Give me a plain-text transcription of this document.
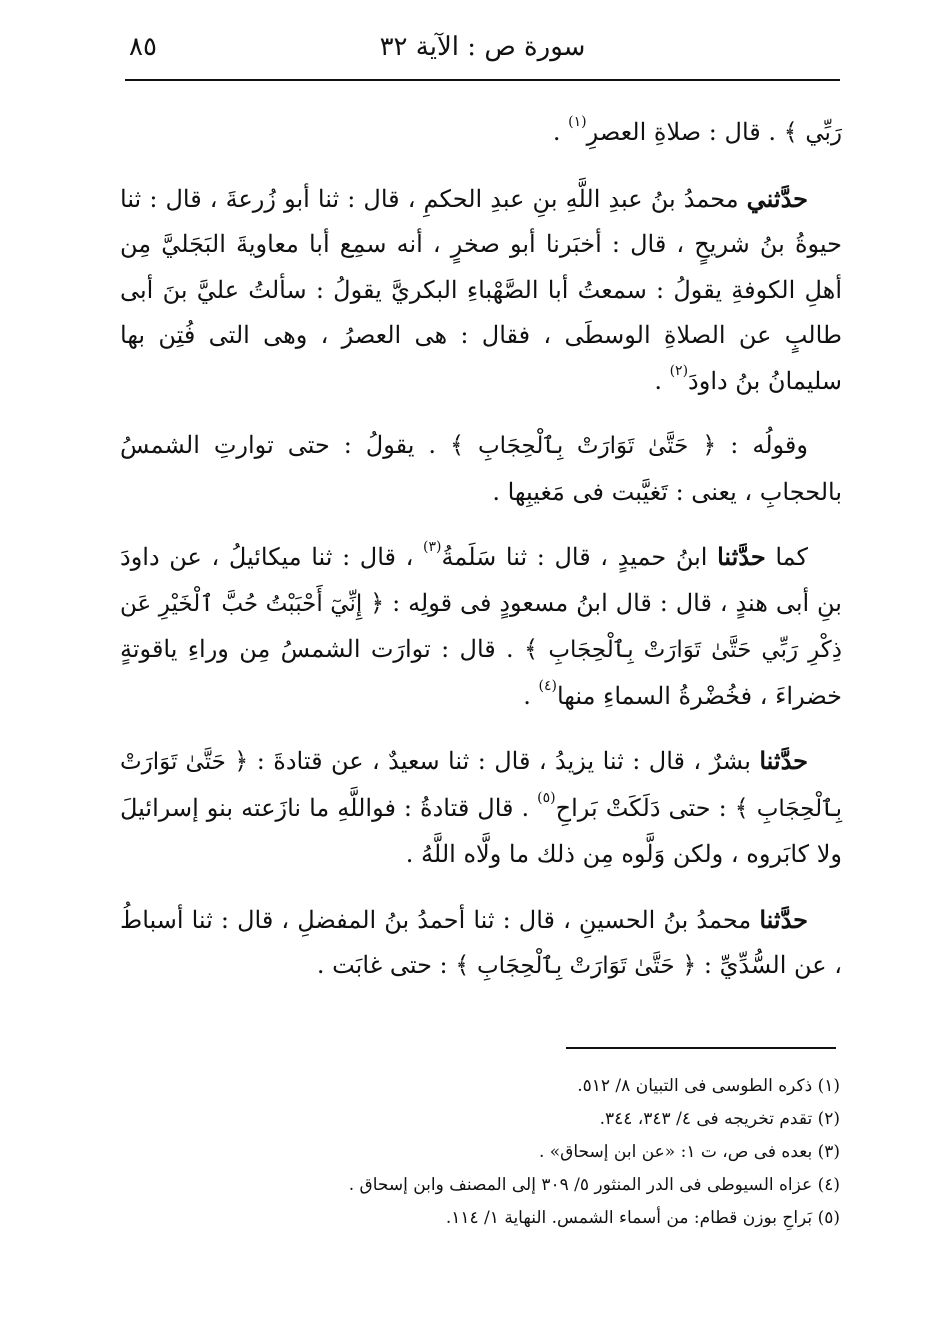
٨٥	سورة ص : الآية ٣٢

رَبِّي ﴾ . قال : صلاةِ العصرِ$^{(١)}$ .

حدَّثني محمدُ بنُ عبدِ اللَّهِ بنِ عبدِ الحكمِ ، قال : ثنا أبو زُرعةَ ، قال : ثنا حيوةُ بنُ شريحٍ ، قال : أخبَرنا أبو صخرٍ ، أنه سمِع أبا معاويةَ البَجَليَّ مِن أهلِ الكوفةِ يقولُ : سمعتُ أبا الصَّهْباءِ البكريَّ يقولُ : سألتُ عليَّ بنَ أبى طالبٍ عن الصلاةِ الوسطَى ، فقال : هى العصرُ ، وهى التى فُتِن بها سليمانُ بنُ داودَ$^{(٢)}$ .

وقولُه : ﴿ حَتَّىٰ تَوَارَتْ بِٱلْحِجَابِ ﴾ . يقولُ : حتى توارتِ الشمسُ بالحجابِ ، يعنى : تَغيَّبت فى مَغيبِها .

كما حدَّثنا ابنُ حميدٍ ، قال : ثنا سَلَمةُ$^{(٣)}$ ، قال : ثنا ميكائيلُ ، عن داودَ بنِ أبى هندٍ ، قال : قال ابنُ مسعودٍ فى قولِه : ﴿ إِنِّيٓ أَحْبَبْتُ حُبَّ ٱلْخَيْرِ عَن ذِكْرِ رَبِّي حَتَّىٰ تَوَارَتْ بِٱلْحِجَابِ ﴾ . قال : توارَت الشمسُ مِن وراءِ ياقوتةٍ خضراءَ ، فخُضْرةُ السماءِ منها$^{(٤)}$ .

حدَّثنا بشرٌ ، قال : ثنا يزيدُ ، قال : ثنا سعيدٌ ، عن قتادةَ : ﴿ حَتَّىٰ تَوَارَتْ بِٱلْحِجَابِ ﴾ : حتى دَلَكَتْ بَراحِ$^{(٥)}$ . قال قتادةُ : فواللَّهِ ما نازَعته بنو إسرائيلَ ولا كابَروه ، ولكن وَلَّوه مِن ذلك ما ولَّاه اللَّهُ .

حدَّثنا محمدُ بنُ الحسينِ ، قال : ثنا أحمدُ بنُ المفضلِ ، قال : ثنا أسباطُ ، عن السُّدِّيِّ : ﴿ حَتَّىٰ تَوَارَتْ بِٱلْحِجَابِ ﴾ : حتى غابَت .

(١) ذكره الطوسى فى التبيان ٨/ ٥١٢.

(٢) تقدم تخريجه فى ٤/ ٣٤٣، ٣٤٤.

(٣) بعده فى ص، ت ١: «عن ابن إسحاق» .

(٤) عزاه السيوطى فى الدر المنثور ٥/ ٣٠٩ إلى المصنف وابن إسحاق .

(٥) بَراحِ بوزن قطام: من أسماء الشمس. النهاية ١/ ١١٤.
